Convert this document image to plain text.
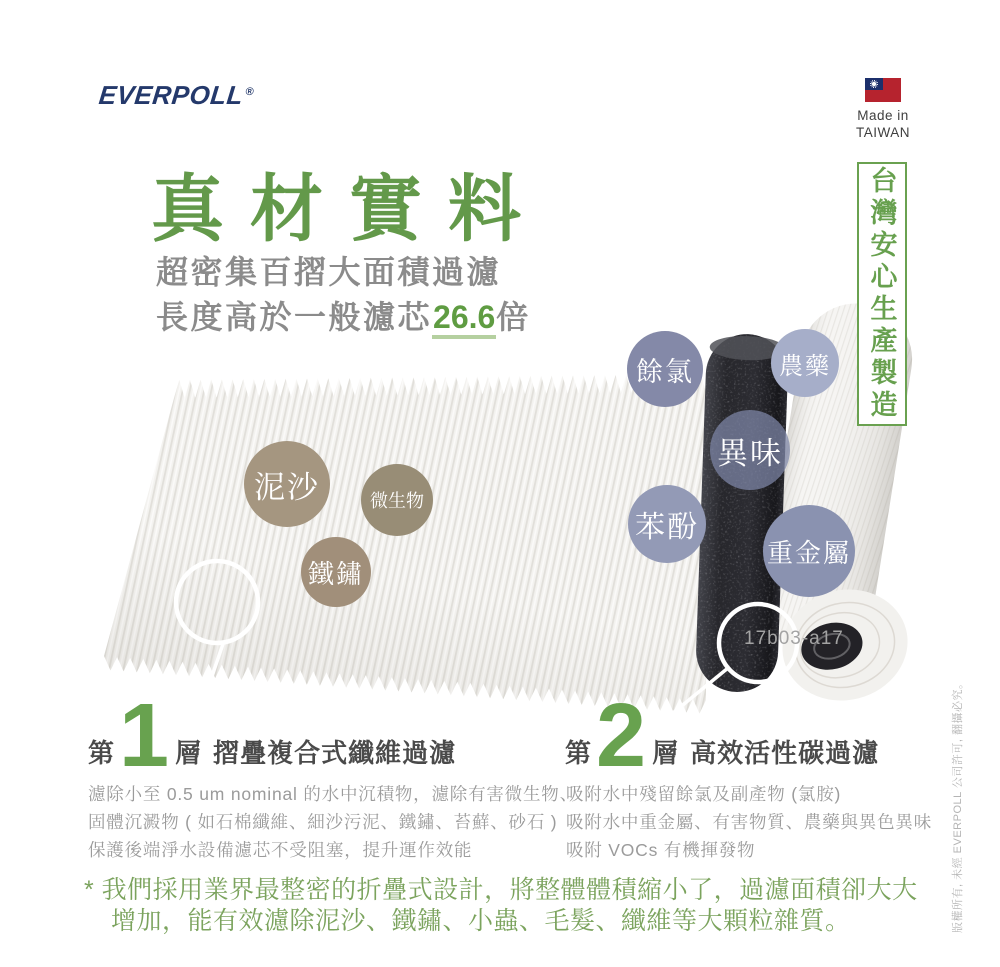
EVERPOLL®
Made in
TAIWAN
真材實料
超密集百摺大面積過濾
長度高於一般濾芯26.6倍	台灣安心生產製造
17b03-a17
泥沙	微生物
鐵鏽
餘氯	農藥
異味
苯酚
重金屬
第 1 層 摺疊複合式纖維過濾
濾除小至 0.5 um nominal 的水中沉積物，濾除有害微生物、
固體沉澱物 ( 如石棉纖維、細沙污泥、鐵鏽、苔蘚、砂石 )
保護後端淨水設備濾芯不受阻塞，提升運作效能
第 2 層 高效活性碳過濾
吸附水中殘留餘氯及副產物 (氯胺)
吸附水中重金屬、有害物質、農藥與異色異味
吸附 VOCs 有機揮發物
* 我們採用業界最整密的折疊式設計，將整體體積縮小了，過濾面積卻大大
增加，能有效濾除泥沙、鐵鏽、小蟲、毛髮、纖維等大顆粒雜質。	版權所有, 未經 EVERPOLL 公司許可, 翻攝必究。
